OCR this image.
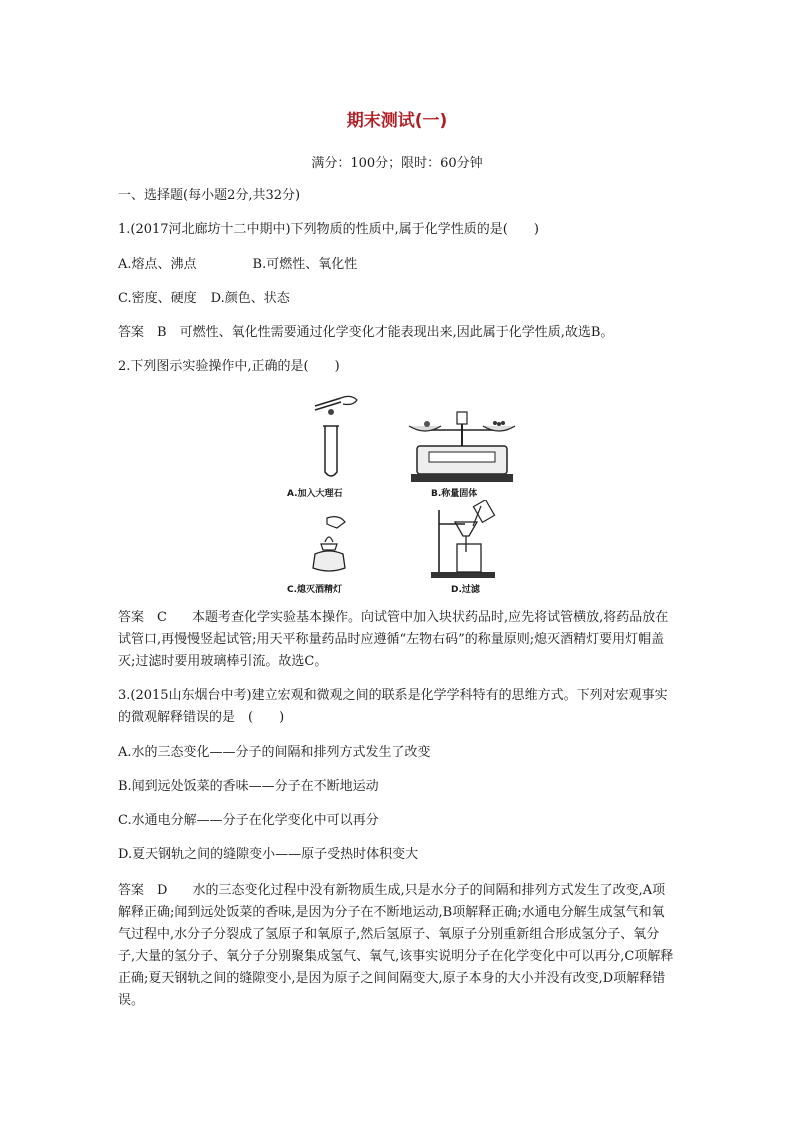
期末测试(一)
满分：100分；限时：60分钟
一、选择题(每小题2分,共32分)
1.(2017河北廊坊十二中期中)下列物质的性质中,属于化学性质的是(　　)
A.熔点、沸点	B.可燃性、氧化性
C.密度、硬度 D.颜色、状态
答案　B　 可燃性、氧化性需要通过化学变化才能表现出来,因此属于化学性质,故选B。
2.下列图示实验操作中,正确的是(　　)
A.加入大理石	B.称量固体
C.熄灭酒精灯	D.过滤
答案　C　 本题考查化学实验基本操作。向试管中加入块状药品时,应先将试管横放,将药品放在试管口,再慢慢竖起试管;用天平称量药品时应遵循“左物右码”的称量原则;熄灭酒精灯要用灯帽盖灭;过滤时要用玻璃棒引流。故选C。
3.(2015山东烟台中考)建立宏观和微观之间的联系是化学学科特有的思维方式。下列对宏观事实的微观解释错误的是　(　　)
A.水的三态变化——分子的间隔和排列方式发生了改变
B.闻到远处饭菜的香味——分子在不断地运动
C.水通电分解——分子在化学变化中可以再分
D.夏天钢轨之间的缝隙变小——原子受热时体积变大
答案　D　 水的三态变化过程中没有新物质生成,只是水分子的间隔和排列方式发生了改变,A项解释正确;闻到远处饭菜的香味,是因为分子在不断地运动,B项解释正确;水通电分解生成氢气和氧气过程中,水分子分裂成了氢原子和氧原子,然后氢原子、氧原子分别重新组合形成氢分子、氧分子,大量的氢分子、氧分子分别聚集成氢气、氧气,该事实说明分子在化学变化中可以再分,C项解释正确;夏天钢轨之间的缝隙变小,是因为原子之间间隔变大,原子本身的大小并没有改变,D项解释错误。
